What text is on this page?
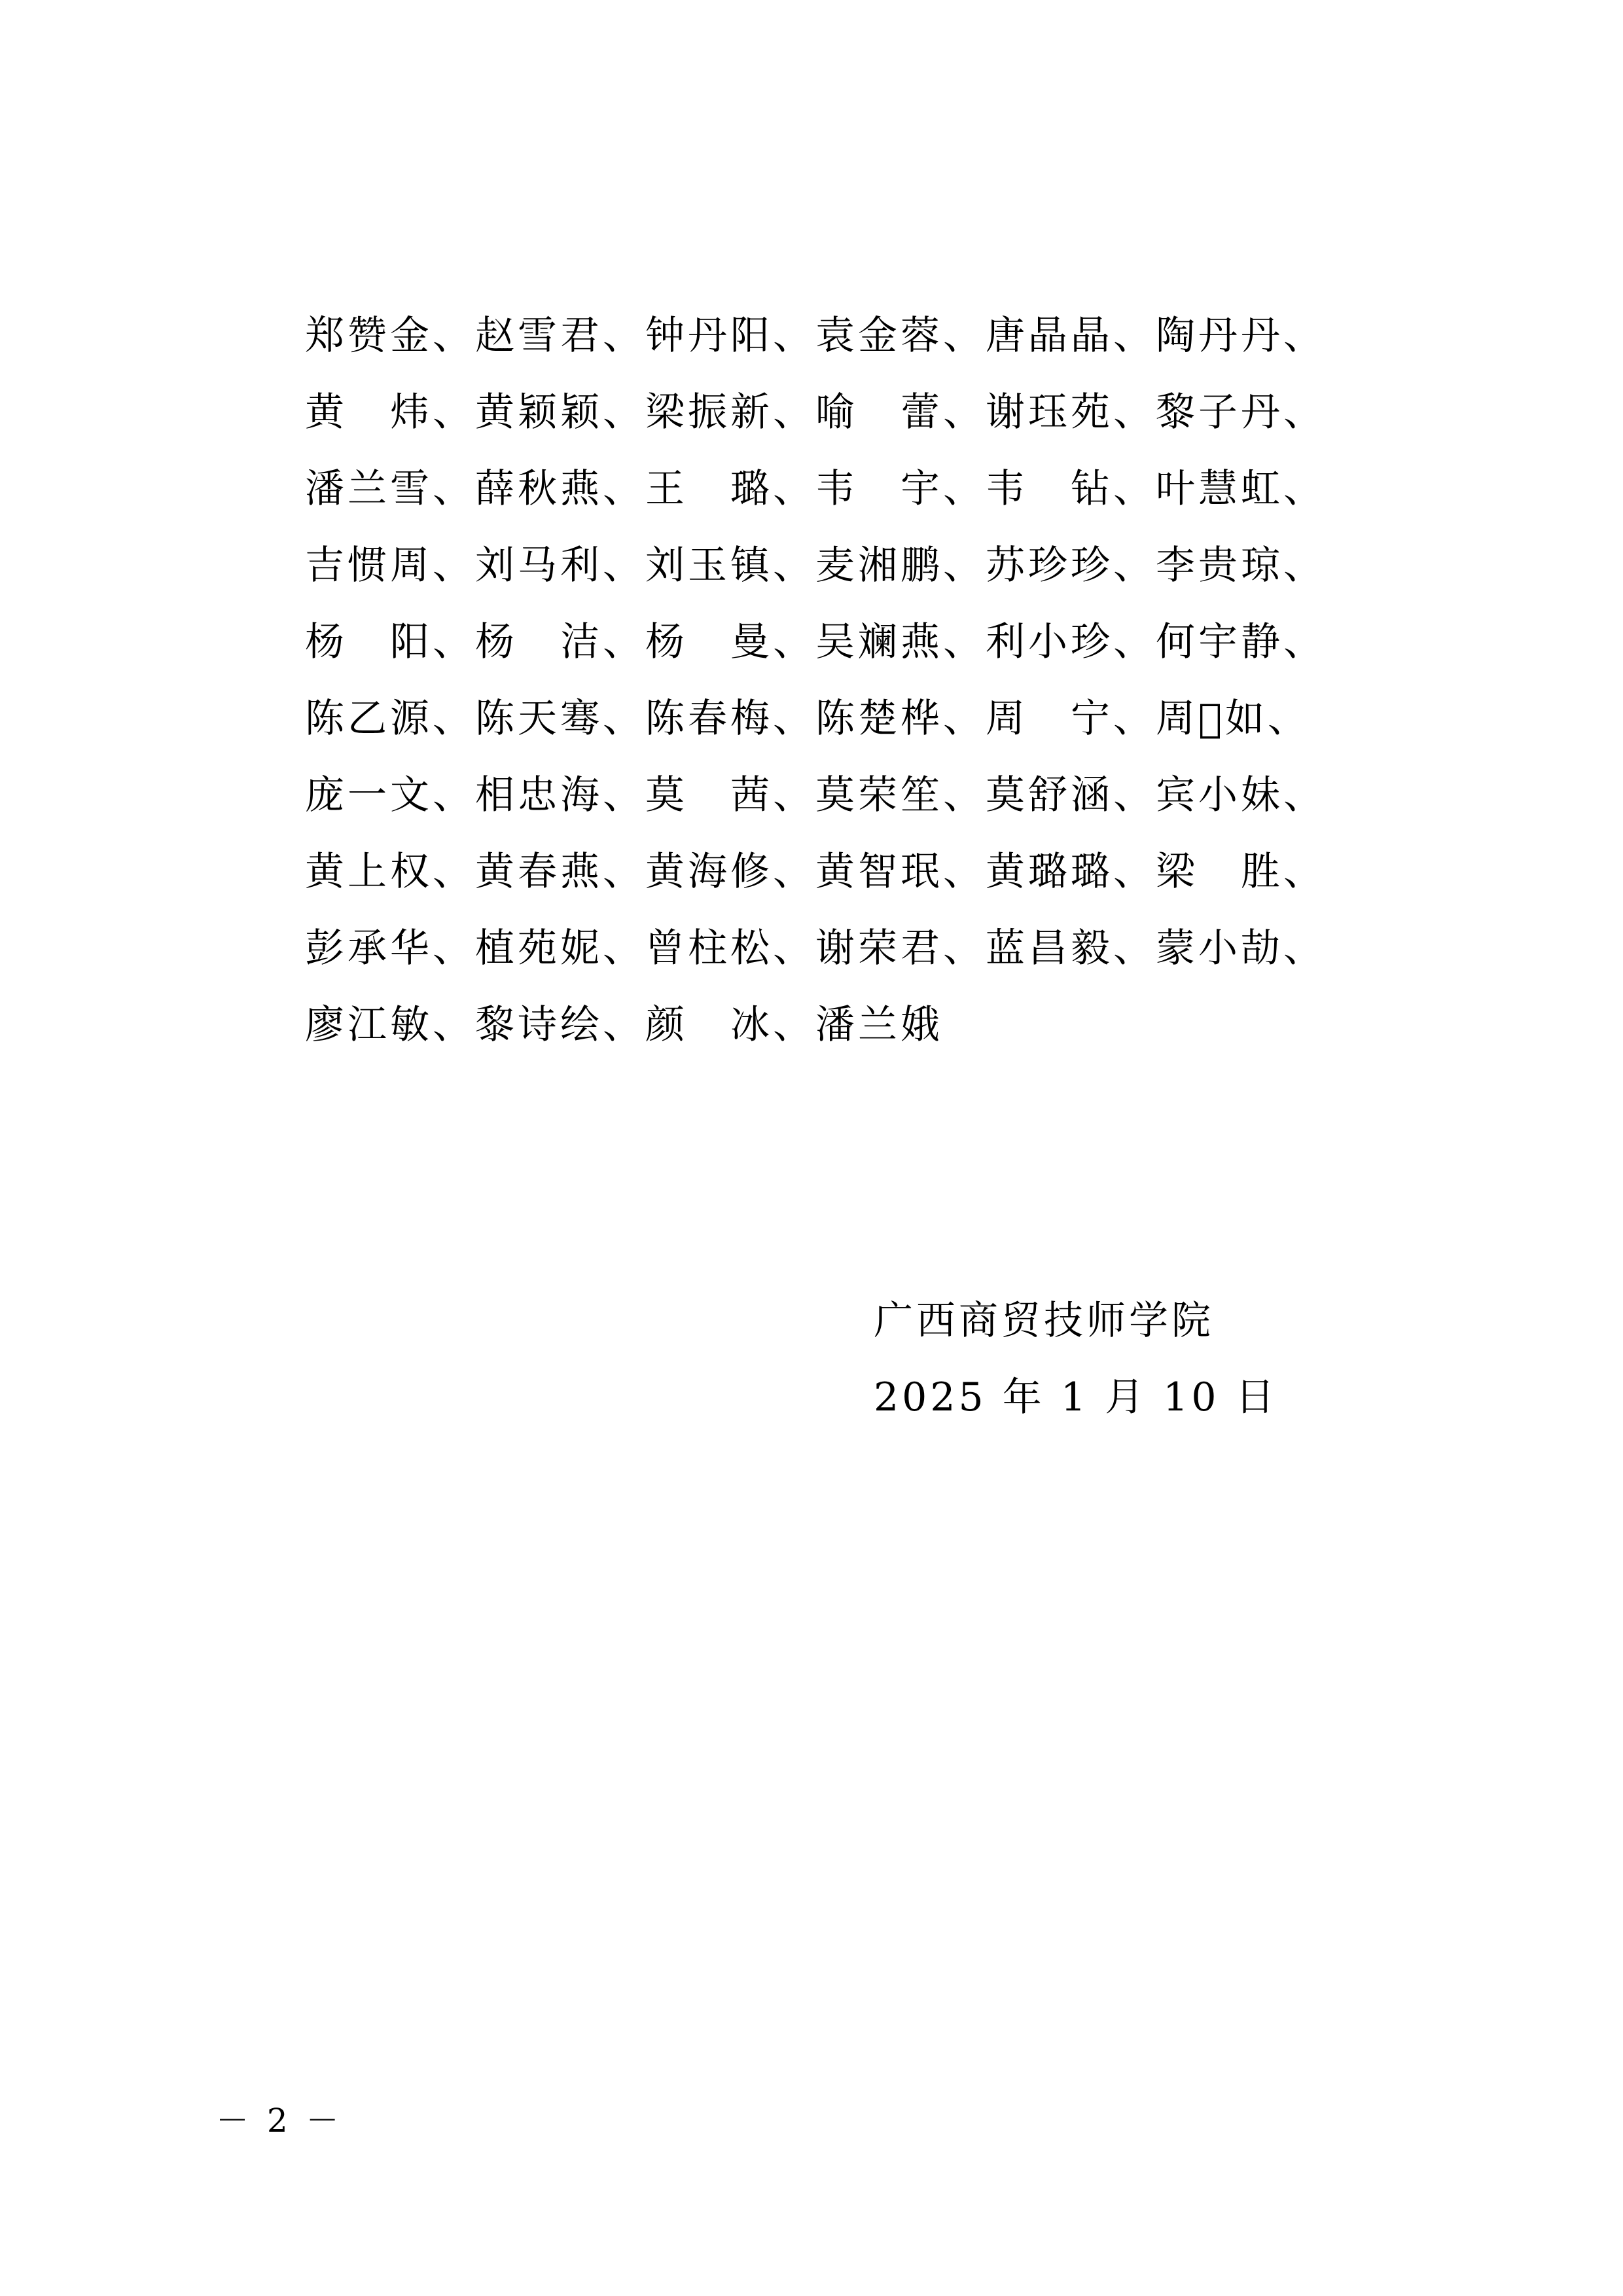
郑赞金、赵雪君、钟丹阳、袁金蓉、唐晶晶、陶丹丹、
黄　炜、黄颖颖、梁振新、喻　蕾、谢珏苑、黎子丹、
潘兰雪、薛秋燕、王　璐、韦　宇、韦　钻、叶慧虹、
吉惯周、刘马利、刘玉镇、麦湘鹏、苏珍珍、李贵琼、
杨　阳、杨　洁、杨　曼、吴斓燕、利小珍、何宇静、
陈乙源、陈天骞、陈春梅、陈楚桦、周　宁、周𫍪如、
庞一文、相忠海、莫　茜、莫荣笙、莫舒涵、宾小妹、
黄上权、黄春燕、黄海修、黄智珉、黄璐璐、梁　胜、
彭承华、植苑妮、曾柱松、谢荣君、蓝昌毅、蒙小劼、
廖江敏、黎诗绘、颜　冰、潘兰娥
广西商贸技师学院
2025 年 1 月 10 日
－ 2 －
